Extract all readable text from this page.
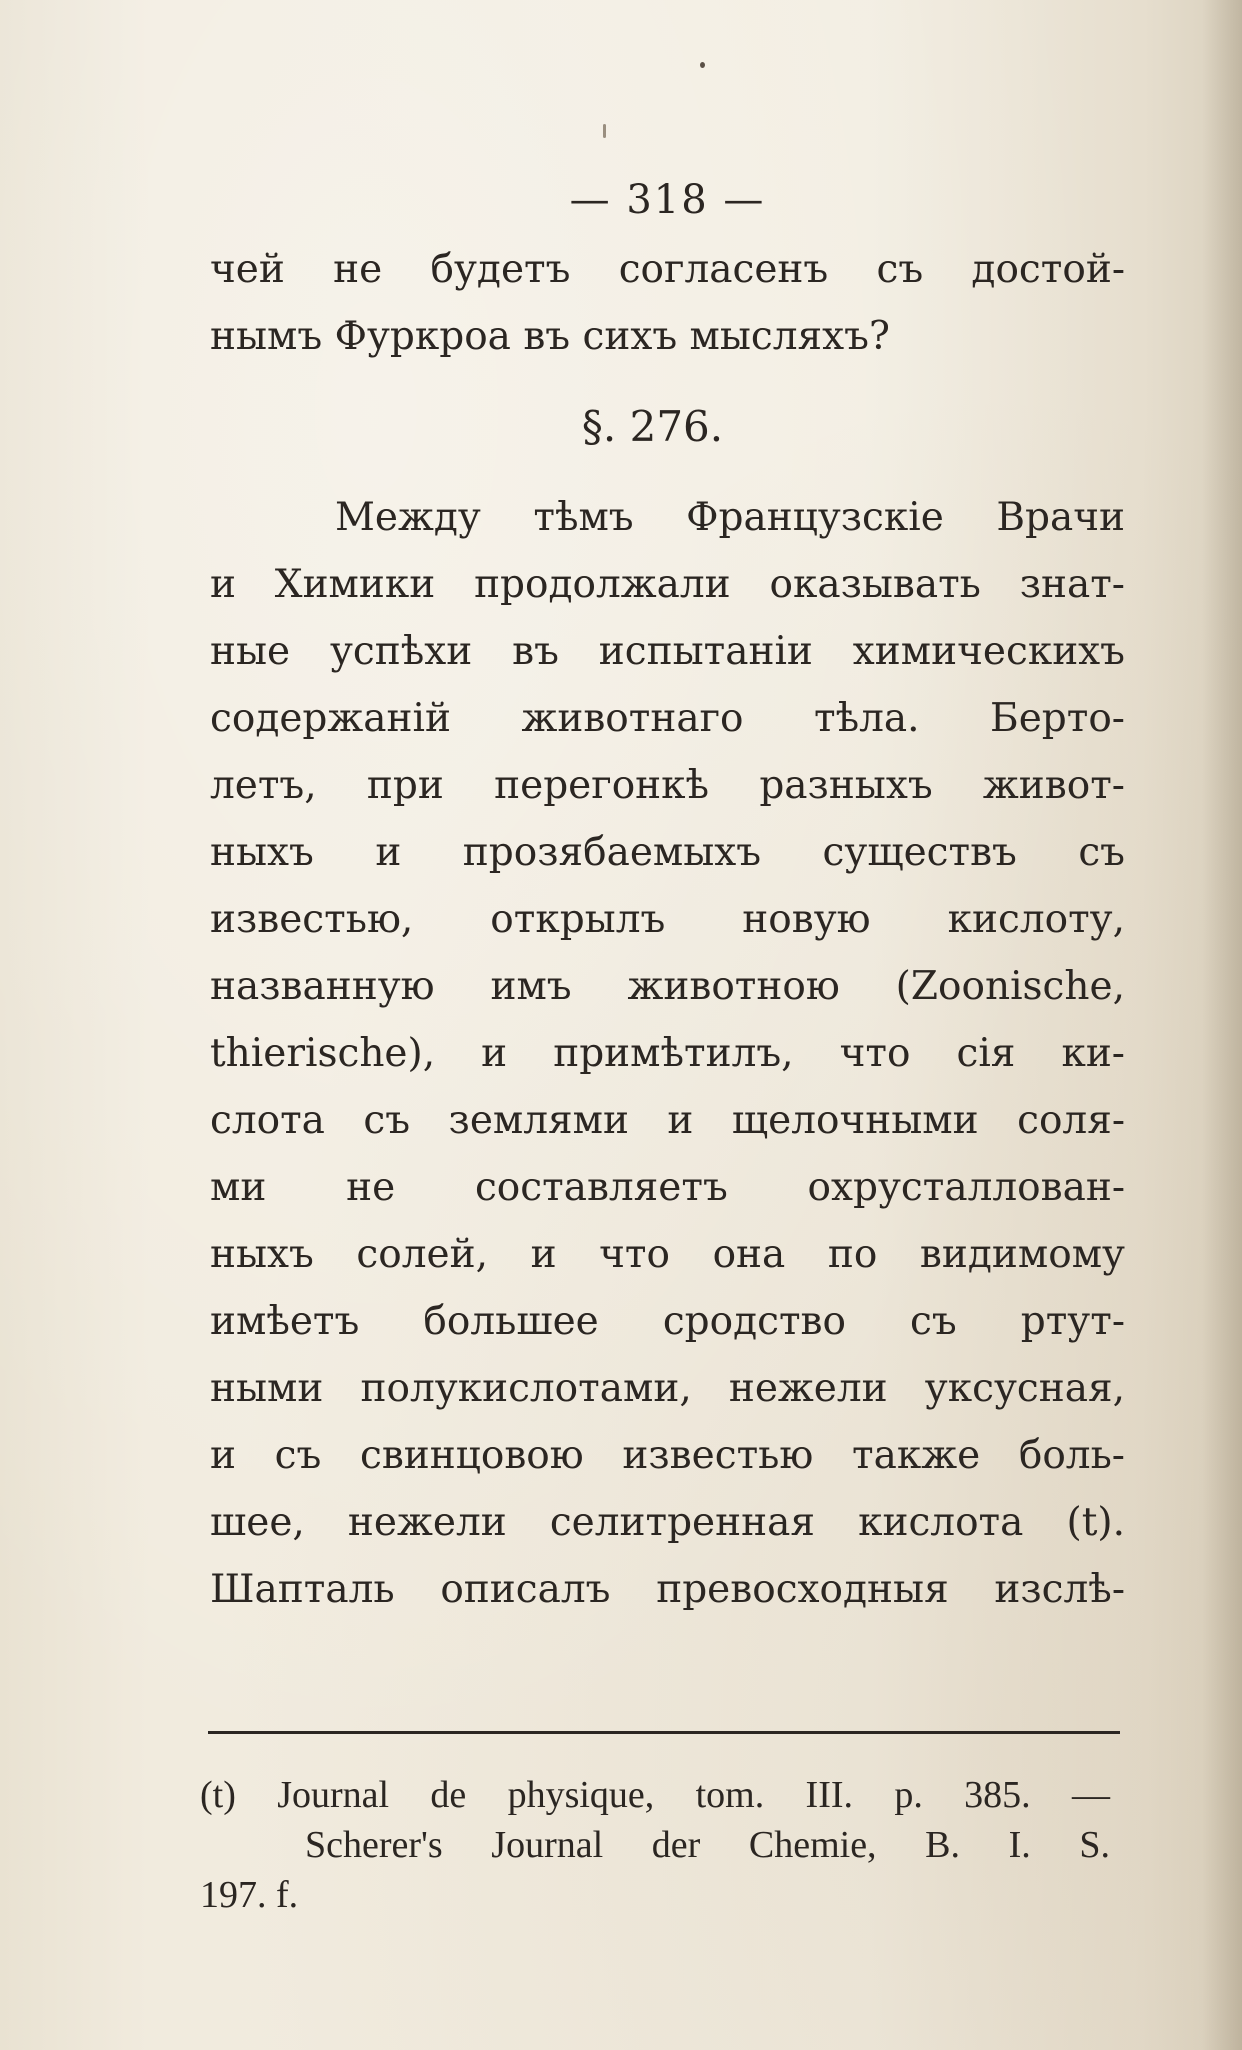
— 318 —
чей не будетъ согласенъ съ достой-
нымъ Фуркроа въ сихъ мысляхъ?
§. 276.
Между тѣмъ Французскіе Врачи
и Химики продолжали оказывать знат-
ные успѣхи въ испытаніи химическихъ
содержаній животнаго тѣла. Берто-
летъ, при перегонкѣ разныхъ живот-
ныхъ и прозябаемыхъ существъ съ
известью, открылъ новую кислоту,
названную имъ животною (Zoonische,
thierische), и примѣтилъ, что сія ки-
слота съ землями и щелочными соля-
ми не составляетъ охрусталлован-
ныхъ солей, и что она по видимому
имѣетъ большее сродство съ ртут-
ными полукислотами, нежели уксусная,
и съ свинцовою известью также боль-
шее, нежели селитренная кислота (t).
Шапталь описалъ превосходныя изслѣ-
(t) Journal de physique, tom. III. p. 385. —
Scherer's Journal der Chemie, B. I. S.
197. f.
